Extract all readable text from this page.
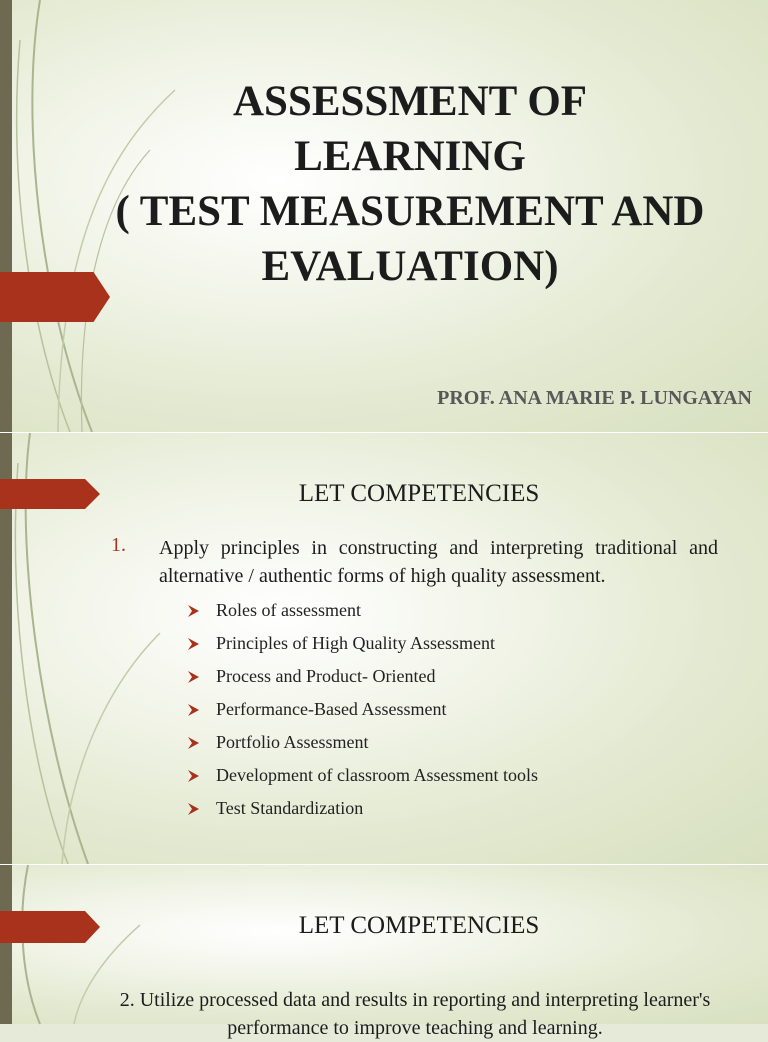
ASSESSMENT OF
LEARNING
( TEST MEASUREMENT AND
EVALUATION)
PROF. ANA MARIE P. LUNGAYAN
LET COMPETENCIES
1. Apply principles in constructing and interpreting traditional and alternative / authentic forms of high quality assessment.
Roles of assessment
Principles of High Quality Assessment
Process and Product- Oriented
Performance-Based Assessment
Portfolio Assessment
Development of classroom Assessment tools
Test Standardization
LET COMPETENCIES
2. Utilize processed data and results in reporting and interpreting learner's performance to improve teaching and learning.
